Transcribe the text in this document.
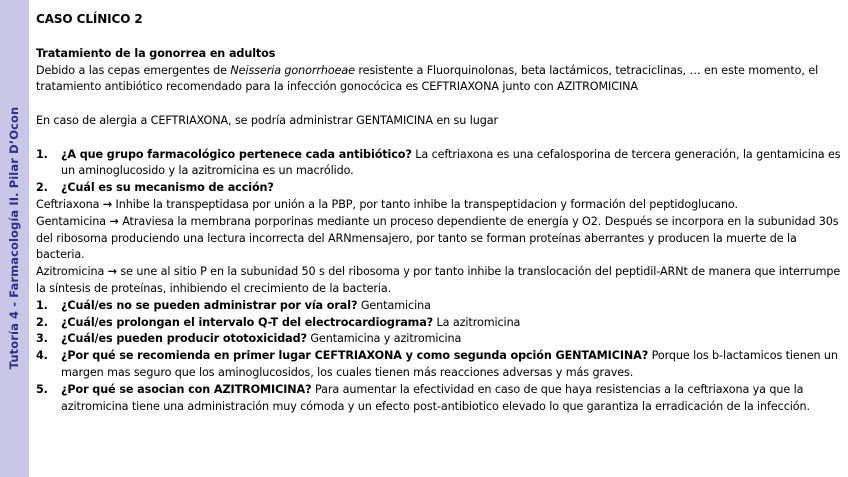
Tutoría 4 - Farmacología II. Pilar D’Ocon
CASO CLÍNICO 2

Tratamiento de la gonorrea en adultos

Debido a las cepas emergentes de Neisseria gonorrhoeae resistente a Fluorquinolonas, beta lactámicos, tetraciclinas, … en este momento, el tratamiento antibiótico recomendado para la infección gonocócica es CEFTRIAXONA junto con AZITROMICINA

En caso de alergia a CEFTRIAXONA, se podría administrar GENTAMICINA en su lugar

1. ¿A que grupo farmacológico pertenece cada antibiótico? La ceftriaxona es una cefalosporina de tercera generación, la gentamicina es un aminoglucosido y la azitromicina es un macrólido.
2. ¿Cuál es su mecanismo de acción?

Ceftriaxona → Inhibe la transpeptidasa por unión a la PBP, por tanto inhibe la transpeptidacion y formación del peptidoglucano.

Gentamicina → Atraviesa la membrana porporinas mediante un proceso dependiente de energía y O2. Después se incorpora en la subunidad 30s del ribosoma produciendo una lectura incorrecta del ARNmensajero, por tanto se forman proteínas aberrantes y producen la muerte de la bacteria.

Azitromicina → se une al sitio P en la subunidad 50 s del ribosoma y por tanto inhibe la translocación del peptidil-ARNt de manera que interrumpe la síntesis de proteínas, inhibiendo el crecimiento de la bacteria.

1. ¿Cuál/es no se pueden administrar por vía oral? Gentamicina
2. ¿Cuál/es prolongan el intervalo Q-T del electrocardiograma? La azitromicina
3. ¿Cuál/es pueden producir ototoxicidad? Gentamicina y azitromicina
4. ¿Por qué se recomienda en primer lugar CEFTRIAXONA y como segunda opción GENTAMICINA? Porque los b-lactamicos tienen un margen mas seguro que los aminoglucosidos, los cuales tienen más reacciones adversas y más graves.
5. ¿Por qué se asocian con AZITROMICINA? Para aumentar la efectividad en caso de que haya resistencias a la ceftriaxona ya que la azitromicina tiene una administración muy cómoda y un efecto post-antibiotico elevado lo que garantiza la erradicación de la infección.
